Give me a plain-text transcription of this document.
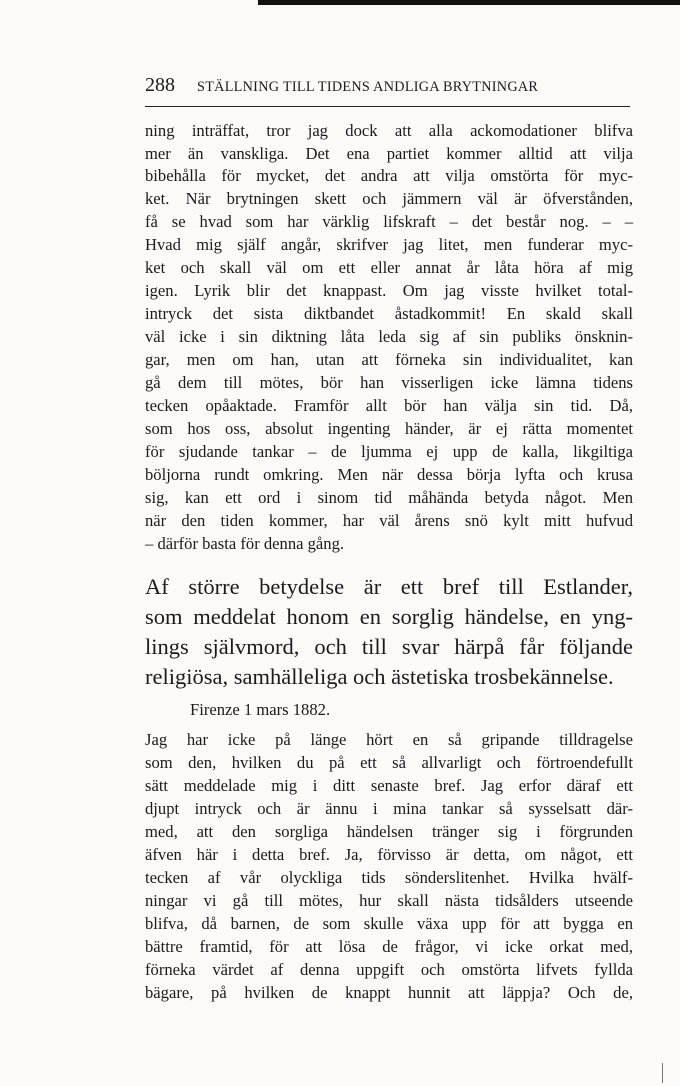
288 STÄLLNING TILL TIDENS ANDLIGA BRYTNINGAR
ning inträffat, tror jag dock att alla ackomodationer blifva
mer än vanskliga. Det ena partiet kommer alltid att vilja
bibehålla för mycket, det andra att vilja omstörta för myc-
ket. När brytningen skett och jämmern väl är öfverstånden,
få se hvad som har värklig lifskraft – det består nog. – –
Hvad mig själf angår, skrifver jag litet, men funderar myc-
ket och skall väl om ett eller annat år låta höra af mig
igen. Lyrik blir det knappast. Om jag visste hvilket total-
intryck det sista diktbandet åstadkommit! En skald skall
väl icke i sin diktning låta leda sig af sin publiks önsknin-
gar, men om han, utan att förneka sin individualitet, kan
gå dem till mötes, bör han visserligen icke lämna tidens
tecken opåaktade. Framför allt bör han välja sin tid. Då,
som hos oss, absolut ingenting händer, är ej rätta momentet
för sjudande tankar – de ljumma ej upp de kalla, likgiltiga
böljorna rundt omkring. Men när dessa börja lyfta och krusa
sig, kan ett ord i sinom tid måhända betyda något. Men
när den tiden kommer, har väl årens snö kylt mitt hufvud
– därför basta för denna gång.
Af större betydelse är ett bref till Estlander,
som meddelat honom en sorglig händelse, en yng-
lings självmord, och till svar härpå får följande
religiösa, samhälleliga och ästetiska trosbekännelse.
Firenze 1 mars 1882.
Jag har icke på länge hört en så gripande tilldragelse
som den, hvilken du på ett så allvarligt och förtroendefullt
sätt meddelade mig i ditt senaste bref. Jag erfor däraf ett
djupt intryck och är ännu i mina tankar så sysselsatt där-
med, att den sorgliga händelsen tränger sig i förgrunden
äfven här i detta bref. Ja, förvisso är detta, om något, ett
tecken af vår olyckliga tids sönderslitenhet. Hvilka hvälf-
ningar vi gå till mötes, hur skall nästa tidsålders utseende
blifva, då barnen, de som skulle växa upp för att bygga en
bättre framtid, för att lösa de frågor, vi icke orkat med,
förneka värdet af denna uppgift och omstörta lifvets fyllda
bägare, på hvilken de knappt hunnit att läppja? Och de,
